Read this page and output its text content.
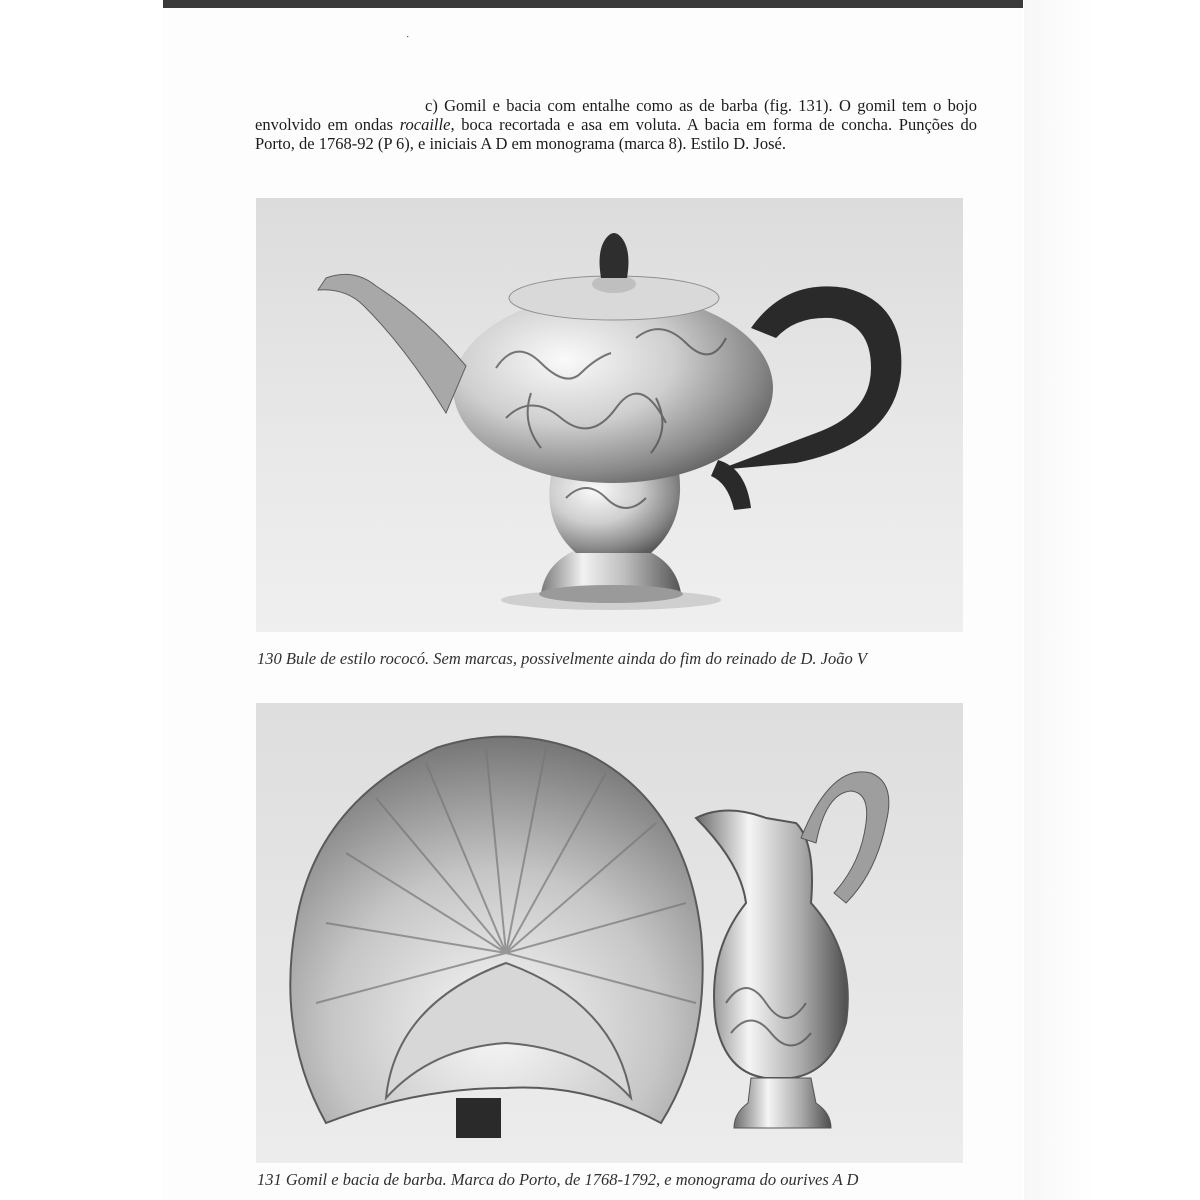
⋅

c) Gomil e bacia com entalhe como as de barba (fig. 131). O gomil tem o bojo envolvido em ondas rocaille, boca recortada e asa em voluta. A bacia em forma de concha. Punções do Porto, de 1768-92 (P 6), e iniciais A D em monograma (marca 8). Estilo D. José.

130 Bule de estilo rococó. Sem marcas, possivelmente ainda do fim do reinado de D. João V

131 Gomil e bacia de barba. Marca do Porto, de 1768-1792, e monograma do ourives A D
